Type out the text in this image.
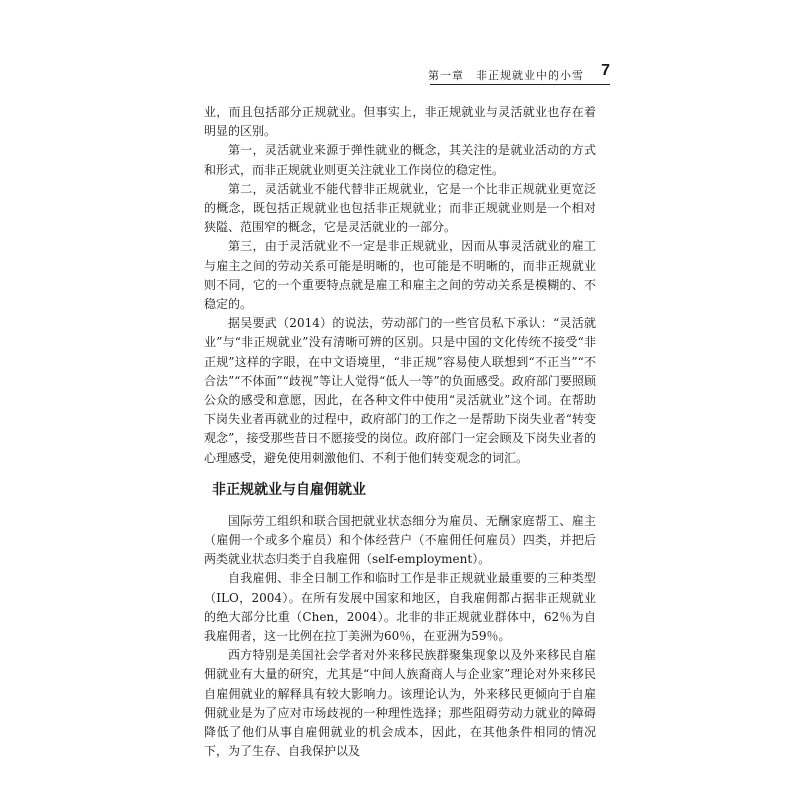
第一章　非正规就业中的小雪 7

业，而且包括部分正规就业。但事实上，非正规就业与灵活就业也存在着明显的区别。

第一，灵活就业来源于弹性就业的概念，其关注的是就业活动的方式和形式，而非正规就业则更关注就业工作岗位的稳定性。

第二，灵活就业不能代替非正规就业，它是一个比非正规就业更宽泛的概念，既包括正规就业也包括非正规就业；而非正规就业则是一个相对狭隘、范围窄的概念，它是灵活就业的一部分。

第三，由于灵活就业不一定是非正规就业，因而从事灵活就业的雇工与雇主之间的劳动关系可能是明晰的，也可能是不明晰的，而非正规就业则不同，它的一个重要特点就是雇工和雇主之间的劳动关系是模糊的、不稳定的。

据吴要武（2014）的说法，劳动部门的一些官员私下承认：“灵活就业”与“非正规就业”没有清晰可辨的区别。只是中国的文化传统不接受“非正规”这样的字眼，在中文语境里，“非正规”容易使人联想到“不正当”“不合法”“不体面”“歧视”等让人觉得“低人一等”的负面感受。政府部门要照顾公众的感受和意愿，因此，在各种文件中使用“灵活就业”这个词。在帮助下岗失业者再就业的过程中，政府部门的工作之一是帮助下岗失业者“转变观念”，接受那些昔日不愿接受的岗位。政府部门一定会顾及下岗失业者的心理感受，避免使用刺激他们、不利于他们转变观念的词汇。

非正规就业与自雇佣就业

国际劳工组织和联合国把就业状态细分为雇员、无酬家庭帮工、雇主（雇佣一个或多个雇员）和个体经营户（不雇佣任何雇员）四类，并把后两类就业状态归类于自我雇佣（self-employment）。

自我雇佣、非全日制工作和临时工作是非正规就业最重要的三种类型（ILO，2004）。在所有发展中国家和地区，自我雇佣都占据非正规就业的绝大部分比重（Chen，2004）。北非的非正规就业群体中，62％为自我雇佣者，这一比例在拉丁美洲为60％，在亚洲为59％。

西方特别是美国社会学者对外来移民族群聚集现象以及外来移民自雇佣就业有大量的研究，尤其是“中间人族裔商人与企业家”理论对外来移民自雇佣就业的解释具有较大影响力。该理论认为，外来移民更倾向于自雇佣就业是为了应对市场歧视的一种理性选择；那些阻碍劳动力就业的障碍降低了他们从事自雇佣就业的机会成本，因此，在其他条件相同的情况下，为了生存、自我保护以及
